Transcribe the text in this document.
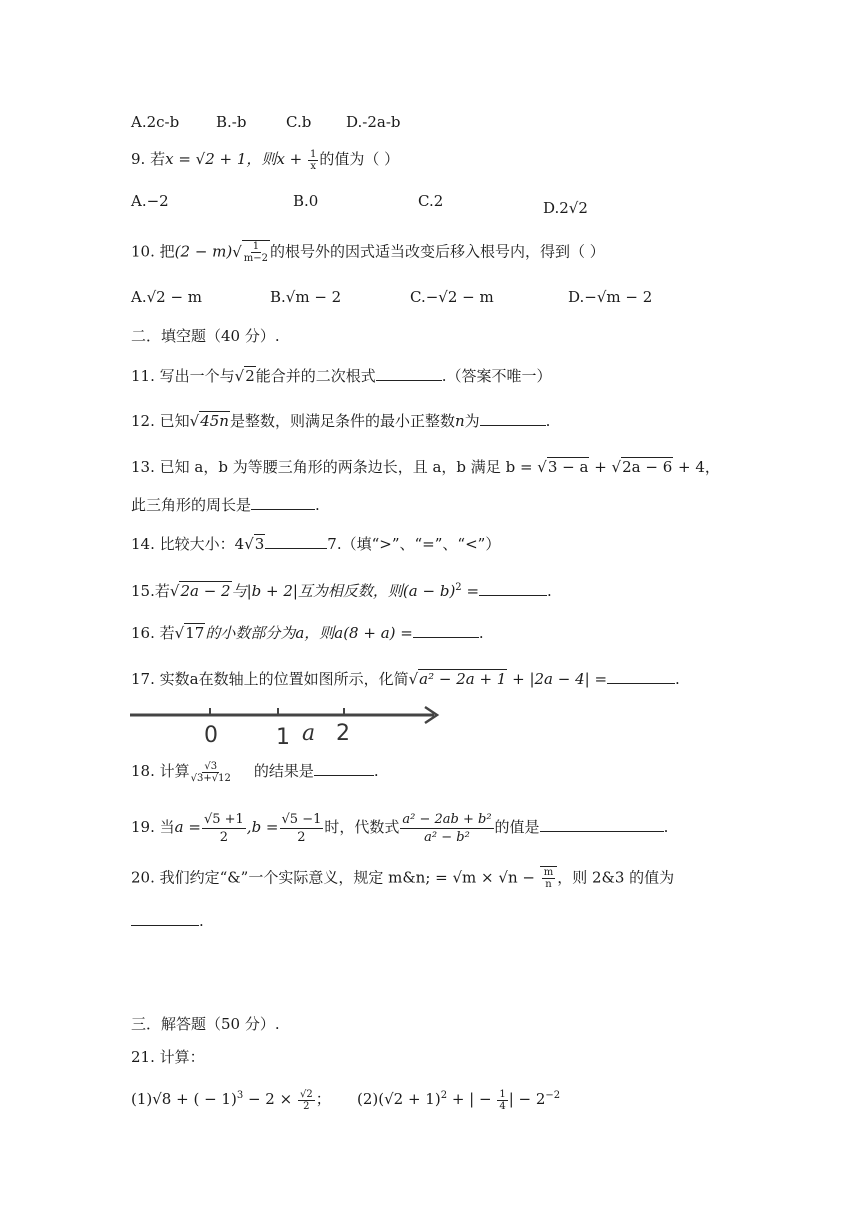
A.2c-b B.-b	C.b D.-2a-b
9. 若x = √2 + 1，则$x + \frac{1}{x}$ 的值为（ ）
A.−2	B.0	C.2	D.2√2
10. 把$(2 - m)√ \frac{1}{m-2}$ 的根号外的因式适当改变后移入根号内，得到（ ）
A.√2 − m	B.√m − 2	C.−√2 − m	D.−√m − 2
二．填空题（40 分）.
11. 写出一个与√2能合并的二次根式	.（答案不唯一）
12. 已知√45n是整数，则满足条件的最小正整数n为	.
13. 已知 a，b 为等腰三角形的两条边长，且 a，b 满足 b = √3 − a + √2a − 6 + 4，
此三角形的周长是	.
14. 比较大小：4√3	7.（填“>”、“=”、“<”）
15.若√2a − 2与|b + 2|互为相反数，则$(a - b)^2$ =	.
16. 若√17的小数部分为a，则a(8 + a) =	.
17. 实数a在数轴上的位置如图所示，化简√a² − 2a + 1 + |2a − 4| =	.
0	1 a 2
18. 计算 $\frac{√3}{√3+√12}$ 的结果是	.
19. 当$a = \frac{√5 +1}{2} ,b = \frac{√5 -1}{2}$ 时，代数式 $\frac{\text{a² − 2ab + b²}}{\text{a² − b²}}$ 的值是	.
20. 我们约定“&”一个实际意义，规定 m&n; = $√m \times √n - \frac{m}{n}$ ，则 2&3 的值为
.
三．解答题（50 分）.
21. 计算：
(1)√8 + ( − $1)^3 - 2 \times \frac{√2}{2}$ ； $(2)(√2 + 1)^2$ + | − $\frac{1}{4}$ | − $2^{-2}$
